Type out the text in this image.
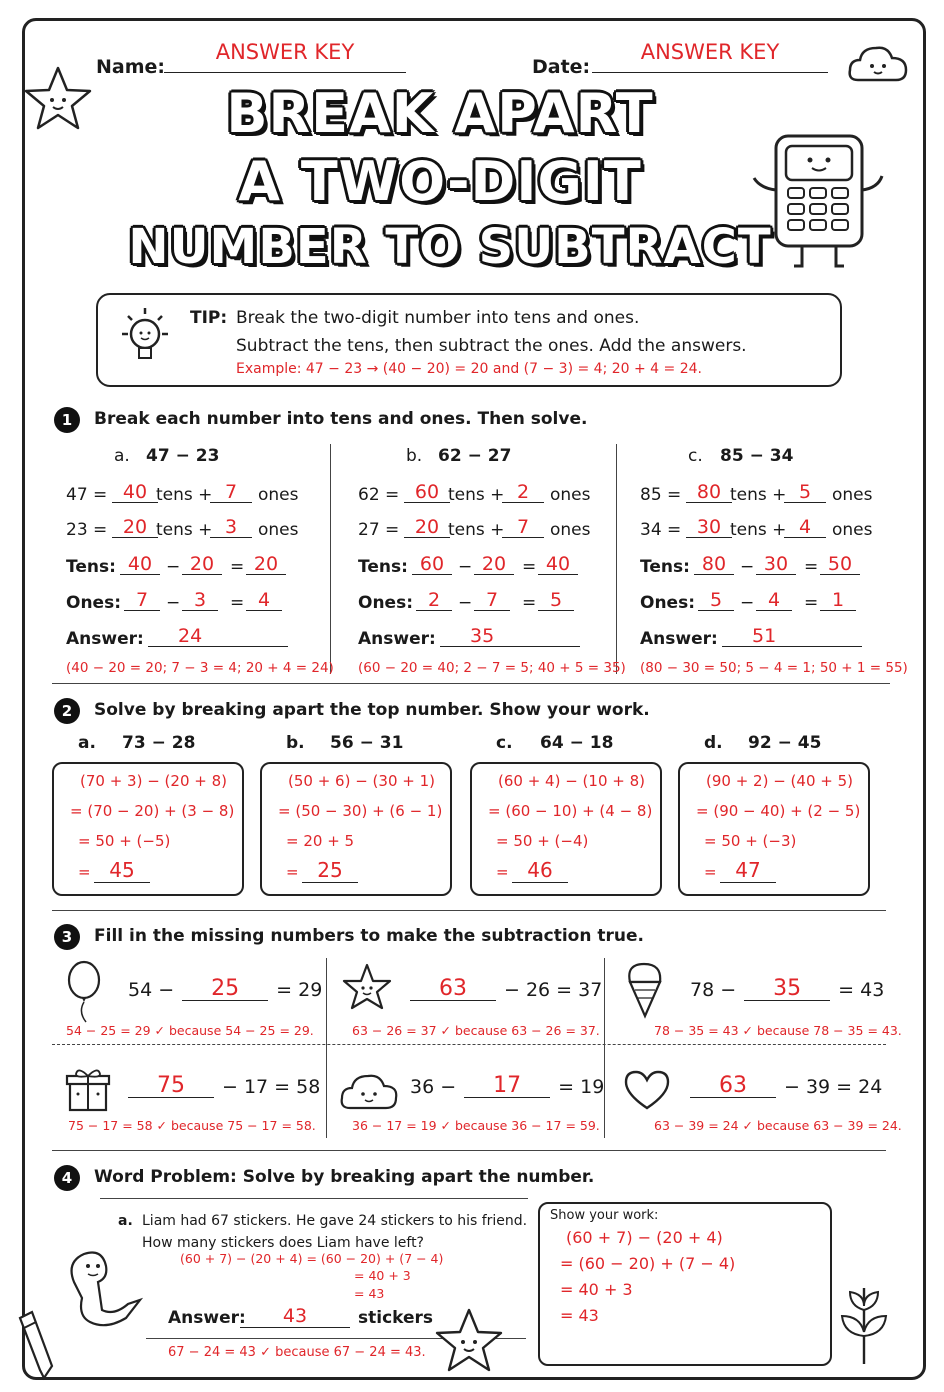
Name:
ANSWER KEY
Date:
ANSWER KEY
BREAK APART
A TWO-DIGIT
NUMBER TO SUBTRACT
TIP: Break the two-digit number into tens and ones.
Subtract the tens, then subtract the ones. Add the answers.
Example: 47 − 23 → (40 − 20) = 20 and (7 − 3) = 4; 20 + 4 = 24.
1	Break each number into tens and ones. Then solve.
a. 47 − 23
47 = 40 tens + 7	ones
23 = 20 tens + 3	ones
Tens: 40 − 20 = 20
Ones: 7	− 3	= 4
Answer:	24
(40 − 20 = 20; 7 − 3 = 4; 20 + 4 = 24)
b. 62 − 27
62 = 60 tens + 2	ones
27 = 20 tens + 7	ones
Tens: 60 − 20 = 40
Ones: 2	− 7	= 5
Answer:	35
(60 − 20 = 40; 2 − 7 = 5; 40 + 5 = 35)
c. 85 − 34
85 = 80 tens + 5	ones
34 = 30 tens + 4	ones
Tens: 80 − 30 = 50
Ones: 5	− 4	= 1
Answer:	51
(80 − 30 = 50; 5 − 4 = 1; 50 + 1 = 55)
2	Solve by breaking apart the top number. Show your work.
a. 73 − 28
(70 + 3) − (20 + 8)
= (70 − 20) + (3 − 8)
= 50 + (−5)
= 45
b. 56 − 31
(50 + 6) − (30 + 1)
= (50 − 30) + (6 − 1)
= 20 + 5
= 25
c. 64 − 18
(60 + 4) − (10 + 8)
= (60 − 10) + (4 − 8)
= 50 + (−4)
= 46
d. 92 − 45
(90 + 2) − (40 + 5)
= (90 − 40) + (2 − 5)
= 50 + (−3)
= 47
3	Fill in the missing numbers to make the subtraction true.
54 −	25	= 29
54 − 25 = 29 ✓ because 54 − 25 = 29.
63	− 26 = 37
63 − 26 = 37 ✓ because 63 − 26 = 37.
78 −	35	= 43
78 − 35 = 43 ✓ because 78 − 35 = 43.
75	− 17 = 58
75 − 17 = 58 ✓ because 75 − 17 = 58.
36 −	17	= 19
36 − 17 = 19 ✓ because 36 − 17 = 59.
63	− 39 = 24
63 − 39 = 24 ✓ because 63 − 39 = 24.
4	Word Problem: Solve by breaking apart the number.
a. Liam had 67 stickers. He gave 24 stickers to his friend.
How many stickers does Liam have left?
(60 + 7) − (20 + 4) = (60 − 20) + (7 − 4)
= 40 + 3
= 43
Answer:	43	stickers
67 − 24 = 43 ✓ because 67 − 24 = 43.
Show your work:
(60 + 7) − (20 + 4)
= (60 − 20) + (7 − 4)
= 40 + 3
= 43
